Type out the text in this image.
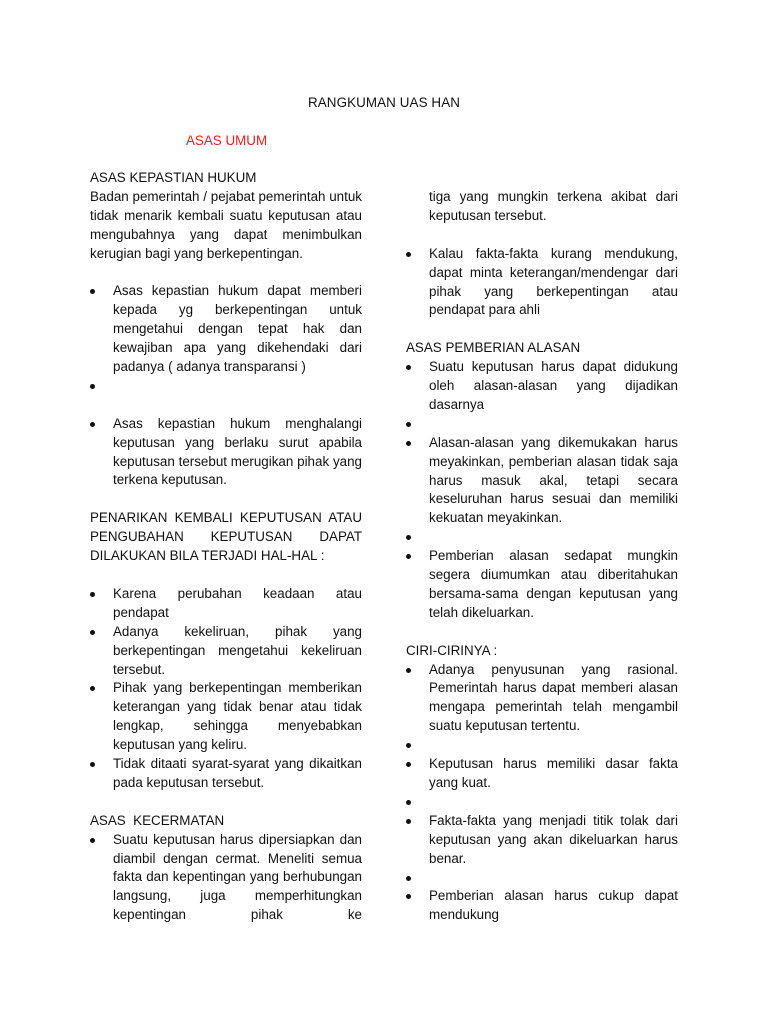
RANGKUMAN UAS HAN
ASAS UMUM

ASAS KEPASTIAN HUKUM

Badan pemerintah / pejabat pemerintah untuk tidak menarik kembali suatu keputusan atau mengubahnya yang dapat menimbulkan kerugian bagi yang berkepentingan.

Asas kepastian hukum dapat memberi kepada yg berkepentingan untuk mengetahui dengan tepat hak dan kewajiban apa yang dikehendaki dari padanya ( adanya transparansi )
Asas kepastian hukum menghalangi keputusan yang berlaku surut apabila keputusan tersebut merugikan pihak yang terkena keputusan.

PENARIKAN KEMBALI KEPUTUSAN ATAU PENGUBAHAN KEPUTUSAN DAPAT DILAKUKAN BILA TERJADI HAL-HAL :

Karena perubahan keadaan atau pendapat
Adanya kekeliruan, pihak yang berkepentingan mengetahui kekeliruan tersebut.
Pihak yang berkepentingan memberikan keterangan yang tidak benar atau tidak lengkap, sehingga menyebabkan keputusan yang keliru.
Tidak ditaati syarat-syarat yang dikaitkan pada keputusan tersebut.

ASAS  KECERMATAN

Suatu keputusan harus dipersiapkan dan diambil dengan cermat. Meneliti semua fakta dan kepentingan yang berhubungan langsung, juga memperhitungkan kepentingan pihak ke
tiga yang mungkin terkena akibat dari keputusan tersebut.
Kalau fakta-fakta kurang mendukung, dapat minta keterangan/mendengar dari pihak yang berkepentingan atau pendapat para ahli

ASAS PEMBERIAN ALASAN

Suatu keputusan harus dapat didukung oleh alasan-alasan yang dijadikan dasarnya
Alasan-alasan yang dikemukakan harus meyakinkan, pemberian alasan tidak saja harus masuk akal, tetapi secara keseluruhan harus sesuai dan memiliki kekuatan meyakinkan.
Pemberian alasan sedapat mungkin segera diumumkan atau diberitahukan bersama-sama dengan keputusan yang telah dikeluarkan.

CIRI-CIRINYA :

Adanya penyusunan yang rasional. Pemerintah harus dapat memberi alasan mengapa pemerintah telah mengambil suatu keputusan tertentu.
Keputusan harus memiliki dasar fakta yang kuat.
Fakta-fakta yang menjadi titik tolak dari keputusan yang akan dikeluarkan harus benar.
Pemberian alasan harus cukup dapat mendukung
